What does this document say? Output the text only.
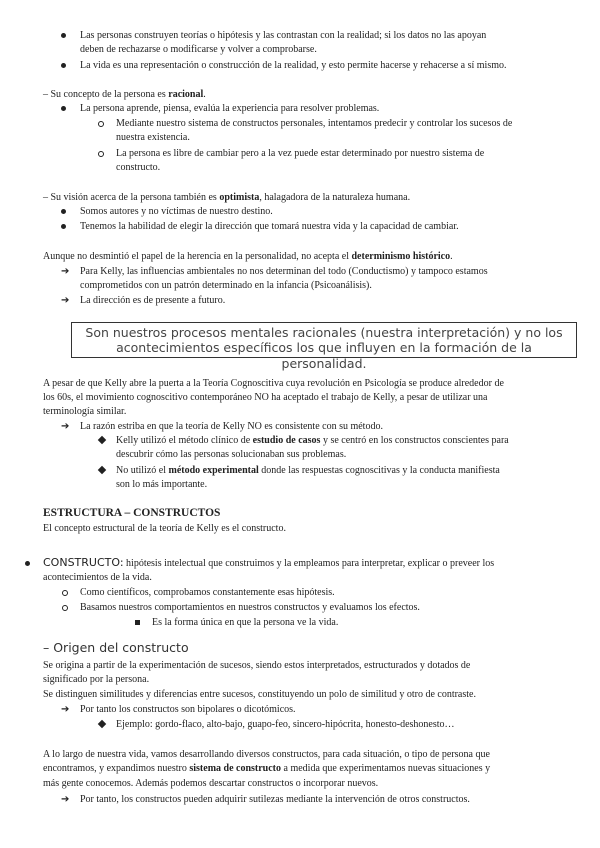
Las personas construyen teorías o hipótesis y las contrastan con la realidad; si los datos no las apoyan
deben de rechazarse o modificarse y volver a comprobarse.
La vida es una representación o construcción de la realidad, y esto permite hacerse y rehacerse a sí mismo.
– Su concepto de la persona es racional.
La persona aprende, piensa, evalúa la experiencia para resolver problemas.
Mediante nuestro sistema de constructos personales, intentamos predecir y controlar los sucesos de
nuestra existencia.
La persona es libre de cambiar pero a la vez puede estar determinado por nuestro sistema de
constructo.
– Su visión acerca de la persona también es optimista, halagadora de la naturaleza humana.
Somos autores y no víctimas de nuestro destino.
Tenemos la habilidad de elegir la dirección que tomará nuestra vida y la capacidad de cambiar.
Aunque no desmintió el papel de la herencia en la personalidad, no acepta el determinismo histórico.
➔ Para Kelly, las influencias ambientales no nos determinan del todo (Conductismo) y tampoco estamos
comprometidos con un patrón determinado en la infancia (Psicoanálisis).
➔ La dirección es de presente a futuro.
Son nuestros procesos mentales racionales (nuestra interpretación) y no los
acontecimientos específicos los que influyen en la formación de la personalidad.
A pesar de que Kelly abre la puerta a la Teoría Cognoscitiva cuya revolución en Psicología se produce alrededor de
los 60s, el movimiento cognoscitivo contemporáneo NO ha aceptado el trabajo de Kelly, a pesar de utilizar una
terminología similar.
➔ La razón estriba en que la teoría de Kelly NO es consistente con su método.
Kelly utilizó el método clínico de estudio de casos y se centró en los constructos conscientes para
descubrir cómo las personas solucionaban sus problemas.
No utilizó el método experimental donde las respuestas cognoscitivas y la conducta manifiesta
son lo más importante.
ESTRUCTURA – CONSTRUCTOS
El concepto estructural de la teoría de Kelly es el constructo.
CONSTRUCTO: hipótesis intelectual que construimos y la empleamos para interpretar, explicar o preveer los
acontecimientos de la vida.
Como científicos, comprobamos constantemente esas hipótesis.
Basamos nuestros comportamientos en nuestros constructos y evaluamos los efectos.
Es la forma única en que la persona ve la vida.
– Origen del constructo
Se origina a partir de la experimentación de sucesos, siendo estos interpretados, estructurados y dotados de
significado por la persona.
Se distinguen similitudes y diferencias entre sucesos, constituyendo un polo de similitud y otro de contraste.
➔ Por tanto los constructos son bipolares o dicotómicos.
Ejemplo: gordo-flaco, alto-bajo, guapo-feo, sincero-hipócrita, honesto-deshonesto…
A lo largo de nuestra vida, vamos desarrollando diversos constructos, para cada situación, o tipo de persona que
encontramos, y expandimos nuestro sistema de constructo a medida que experimentamos nuevas situaciones y
más gente conocemos. Además podemos descartar constructos o incorporar nuevos.
➔ Por tanto, los constructos pueden adquirir sutilezas mediante la intervención de otros constructos.
